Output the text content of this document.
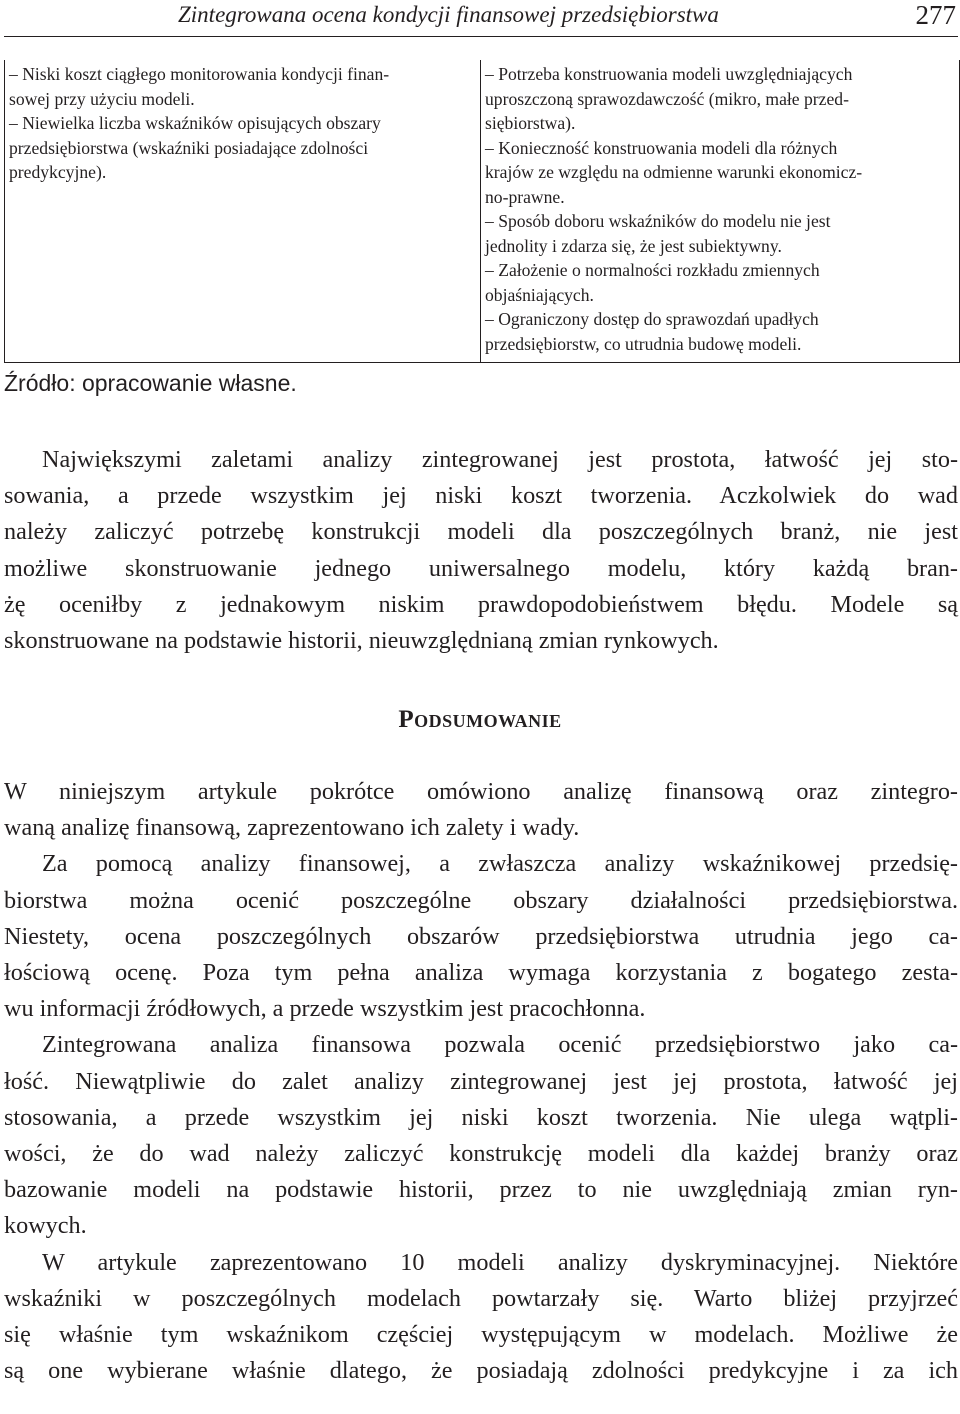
Zintegrowana ocena kondycji finansowej przedsiębiorstwa	277
– Niski koszt ciągłego monitorowania kondycji finan-
sowej przy użyciu modeli.
– Niewielka liczba wskaźników opisujących obszary
przedsiębiorstwa (wskaźniki posiadające zdolności
predykcyjne).
– Potrzeba konstruowania modeli uwzględniających
uproszczoną sprawozdawczość (mikro, małe przed-
siębiorstwa).
– Konieczność konstruowania modeli dla różnych
krajów ze względu na odmienne warunki ekonomicz-
no-prawne.
– Sposób doboru wskaźników do modelu nie jest
jednolity i zdarza się, że jest subiektywny.
– Założenie o normalności rozkładu zmiennych
objaśniających.
– Ograniczony dostęp do sprawozdań upadłych
przedsiębiorstw, co utrudnia budowę modeli.
Źródło: opracowanie własne.
Największymi zaletami analizy zintegrowanej jest prostota, łatwość jej sto-
sowania, a przede wszystkim jej niski koszt tworzenia. Aczkolwiek do wad
należy zaliczyć potrzebę konstrukcji modeli dla poszczególnych branż, nie jest
możliwe skonstruowanie jednego uniwersalnego modelu, który każdą bran-
żę oceniłby z jednakowym niskim prawdopodobieństwem błędu. Modele są
skonstruowane na podstawie historii, nieuwzględnianą zmian rynkowych.
Podsumowanie
W niniejszym artykule pokrótce omówiono analizę finansową oraz zintegro-
waną analizę finansową, zaprezentowano ich zalety i wady.
Za pomocą analizy finansowej, a zwłaszcza analizy wskaźnikowej przedsię-
biorstwa można ocenić poszczególne obszary działalności przedsiębiorstwa.
Niestety, ocena poszczególnych obszarów przedsiębiorstwa utrudnia jego ca-
łościową ocenę. Poza tym pełna analiza wymaga korzystania z bogatego zesta-
wu informacji źródłowych, a przede wszystkim jest pracochłonna.
Zintegrowana analiza finansowa pozwala ocenić przedsiębiorstwo jako ca-
łość. Niewątpliwie do zalet analizy zintegrowanej jest jej prostota, łatwość jej
stosowania, a przede wszystkim jej niski koszt tworzenia. Nie ulega wątpli-
wości, że do wad należy zaliczyć konstrukcję modeli dla każdej branży oraz
bazowanie modeli na podstawie historii, przez to nie uwzględniają zmian ryn-
kowych.
W artykule zaprezentowano 10 modeli analizy dyskryminacyjnej. Niektóre
wskaźniki w poszczególnych modelach powtarzały się. Warto bliżej przyjrzeć
się właśnie tym wskaźnikom częściej występującym w modelach. Możliwe że
są one wybierane właśnie dlatego, że posiadają zdolności predykcyjne i za ich
